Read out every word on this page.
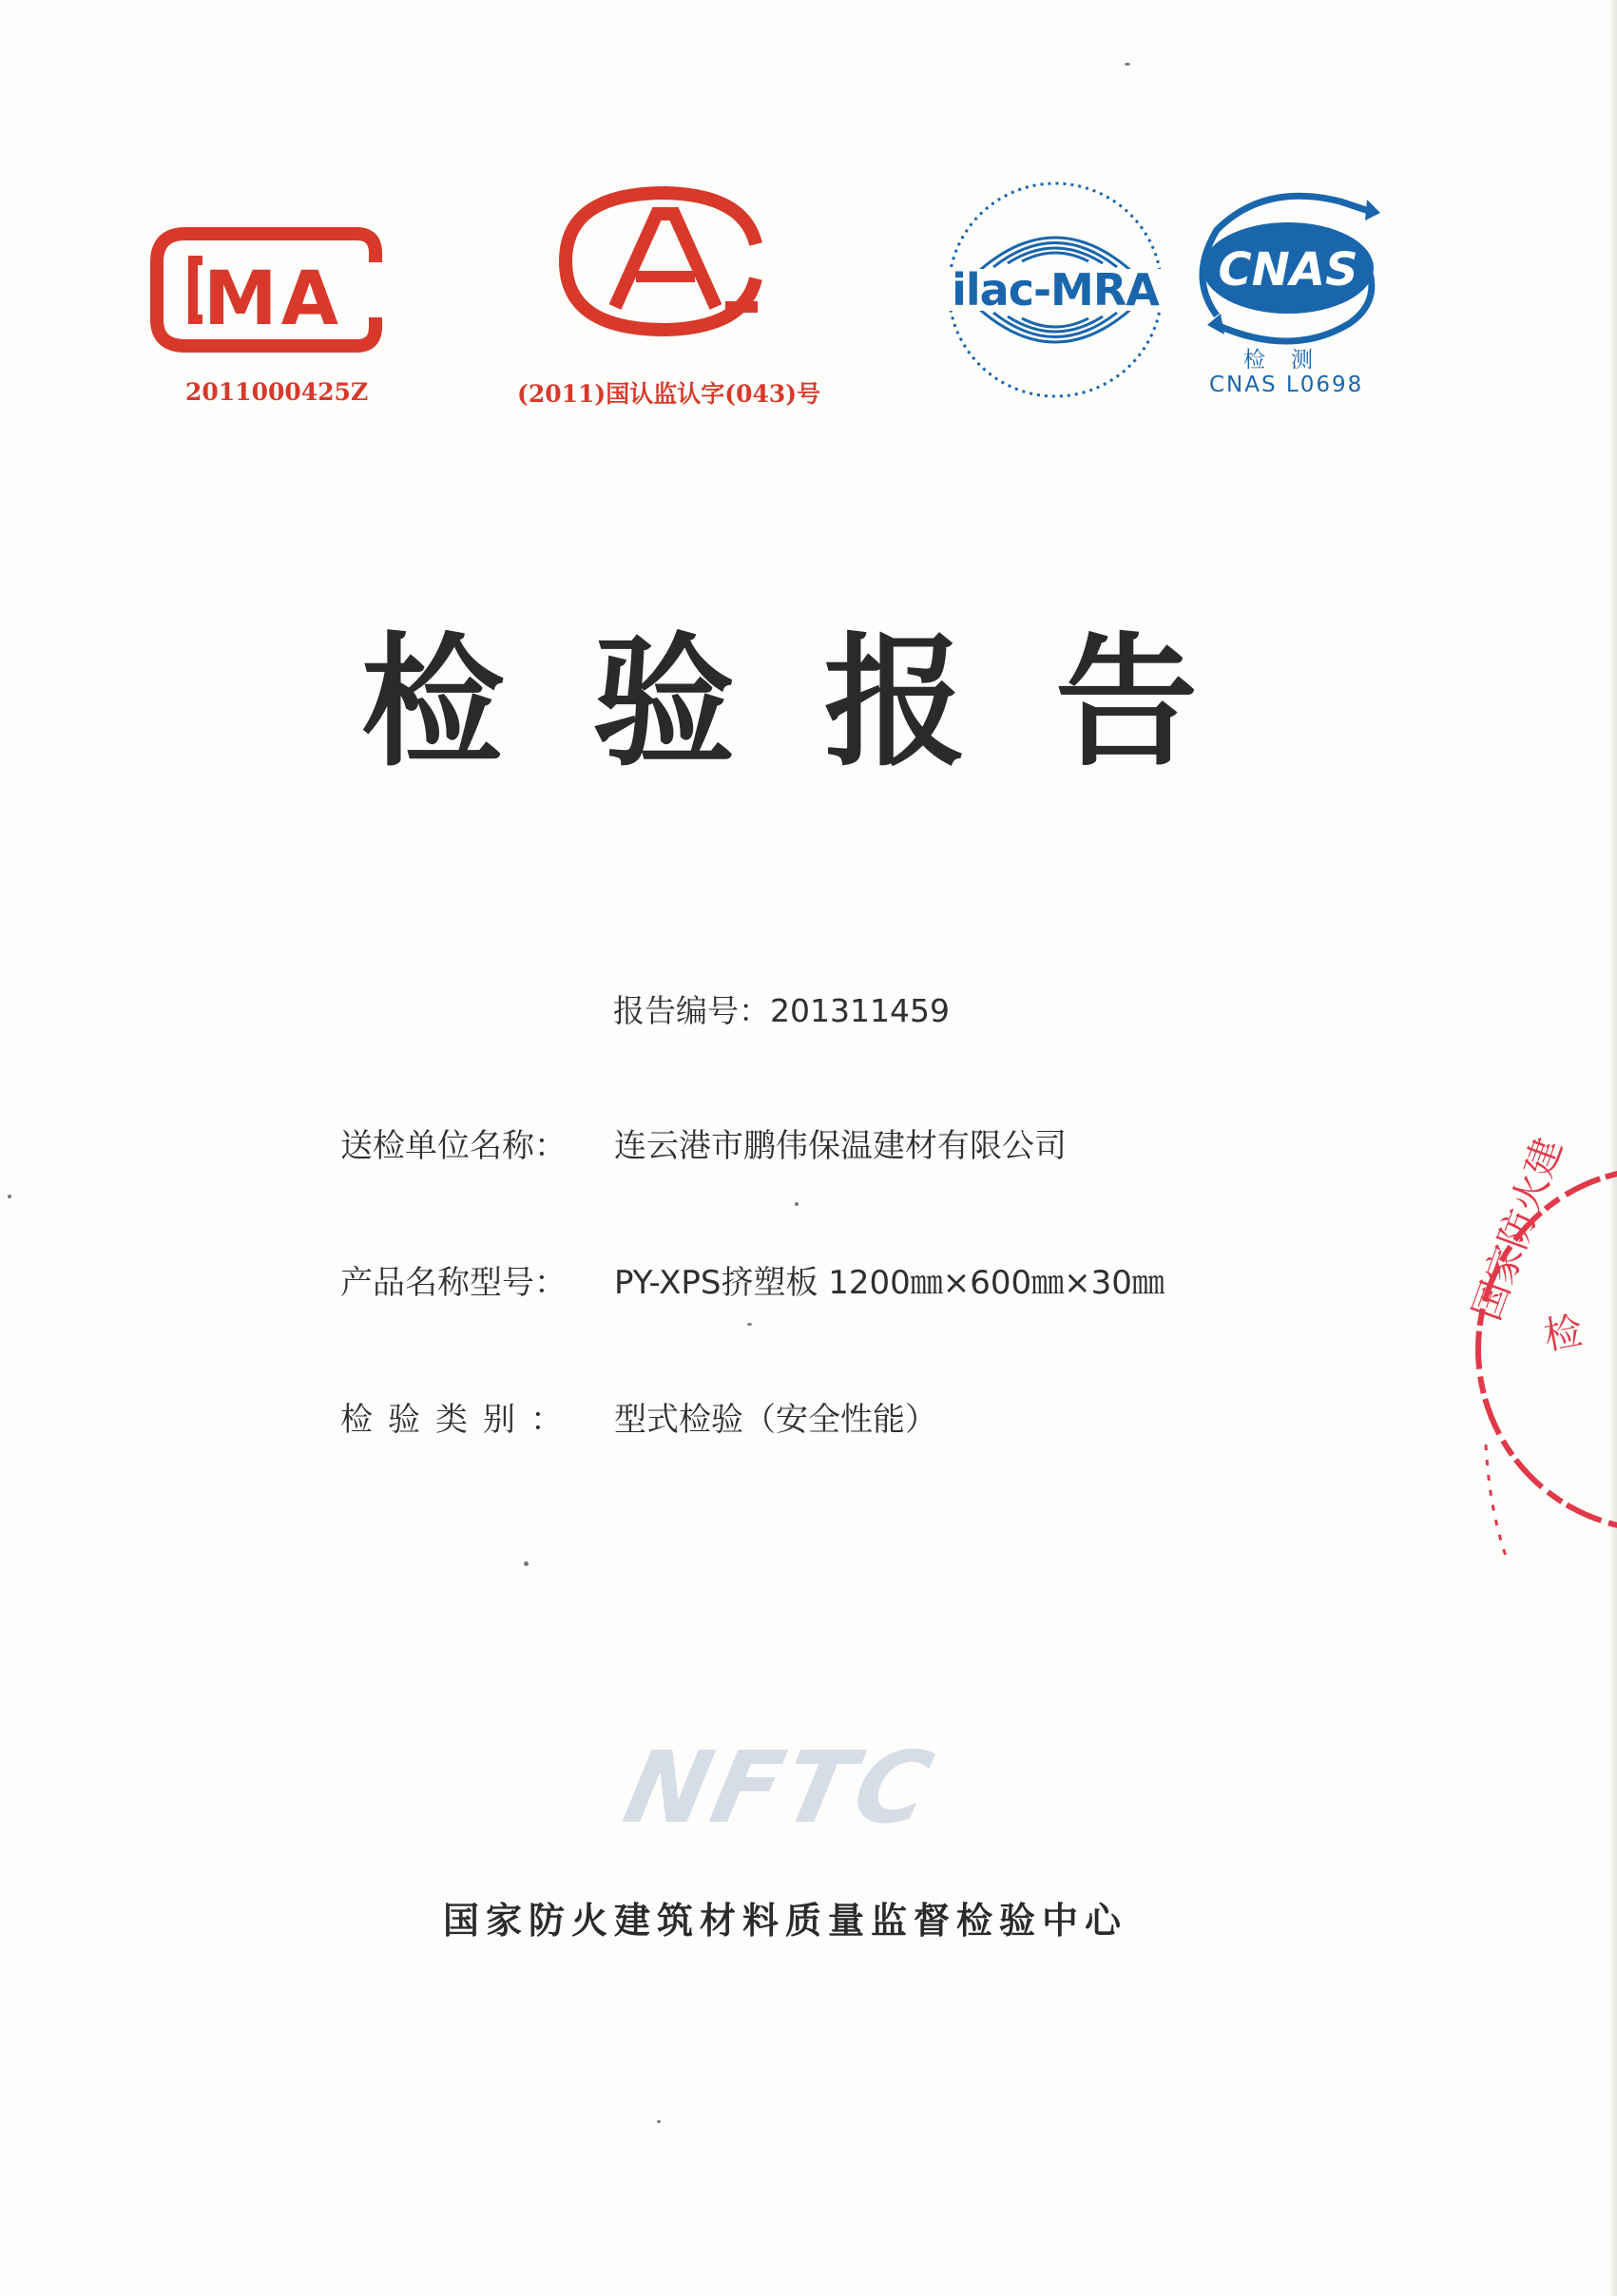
MA
2011000425Z	(2011)国认监认字(043)号
ilac-MRA CNAS
检　测
CNAS L0698
检 验 报 告
报告编号：201311459
送检单位名称： 连云港市鹏伟保温建材有限公司
产品名称型号： PY-XPS挤塑板 1200㎜×600㎜×30㎜
检验类别： 型式检验（安全性能）
NFTC
国家防火建筑材料质量监督检验中心
国家防火建
检
